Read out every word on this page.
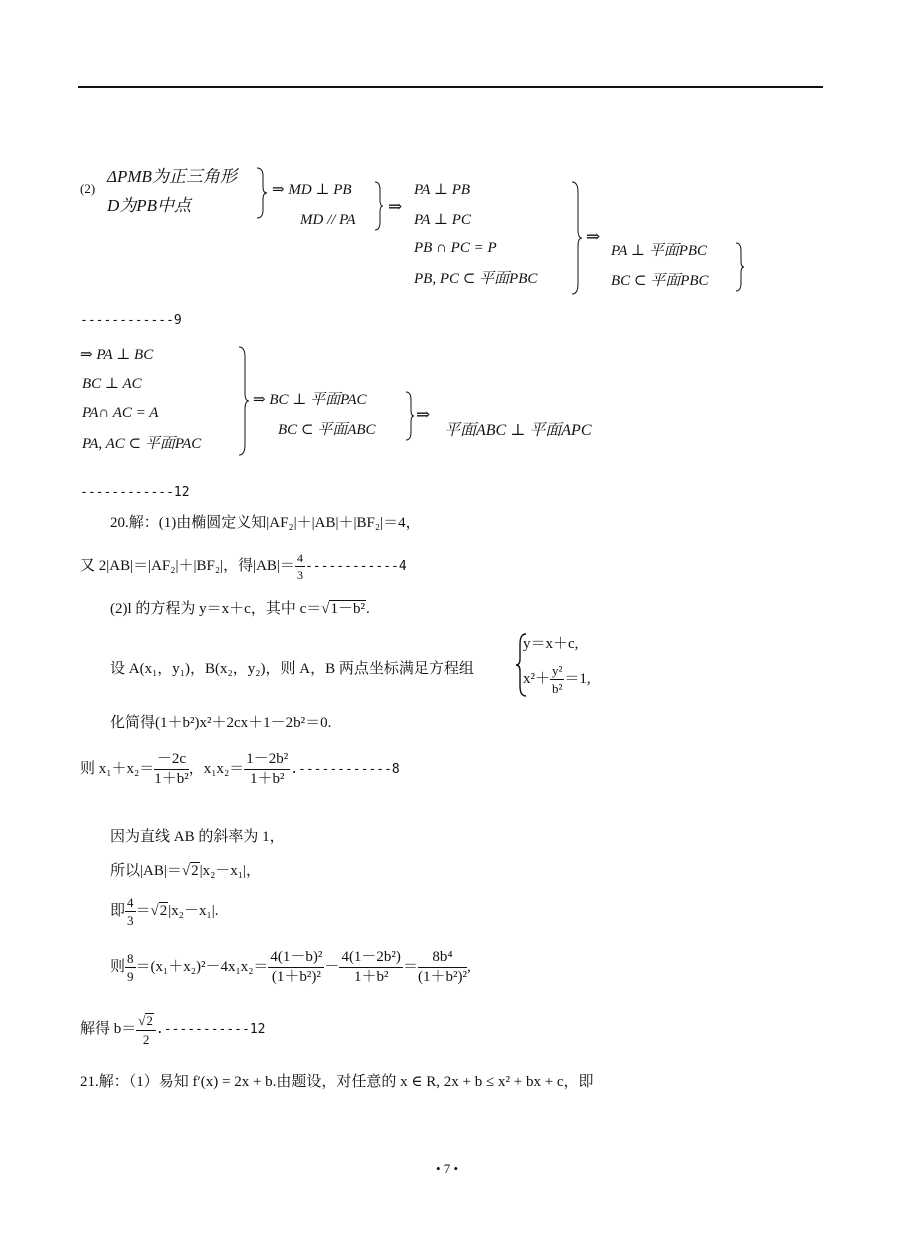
(2)
ΔPMB为正三角形
D为PB中点
⇒ MD ⊥ PB
MD // PA
⇒
PA ⊥ PB
PA ⊥ PC
PB ∩ PC = P
PB, PC ⊂ 平面PBC
⇒
PA ⊥ 平面PBC
BC ⊂ 平面PBC
------------9
⇒ PA ⊥ BC
BC ⊥ AC
PA∩ AC = A
PA, AC ⊂ 平面PAC
⇒ BC ⊥ 平面PAC
BC ⊂ 平面ABC
⇒
平面ABC ⊥ 平面APC
------------12
20.解：(1)由椭圆定义知|AF₂|＋|AB|＋|BF₂|＝4，
又 2|AB|＝|AF₂|＋|BF₂|，得$|AB|= \frac{4}{3} ------------4$
(2)l 的方程为 y＝x＋c，其中 c＝√1－b².
设 A(x₁，y₁)，B(x₂，y₂)，则 A，B 两点坐标满足方程组
y＝x＋c,
$x^2+ \frac{\text{y²}}{\text{b²}} =1$,
化简得(1＋b²)x²＋2cx＋1－2b²＝0.
则 $x_1+x_2= \frac{-2c}{\text{1＋b²}}$ ，$x_1x_2= \frac{\text{1－2b²}}{\text{1＋b²}} .------------8$
因为直线 AB 的斜率为 1，
所以|AB|＝√2|x₂－x₁|，
即 $\frac{4}{3} =√2|x_2-x_1|$.
则 $\frac{8}{9} =(x_1+x_2)^2-4x_1x_2= \frac{\text{4(1－b)²}}{\text{(1＋b²)²}} - \frac{\text{4(1－2b²)}}{\text{1＋b²}} = \frac{\text{8b⁴}}{\text{(1＋b²)²}}$ ,
解得 $b= \frac{√2}{2} .-----------12$
21.解：（1）易知 f′(x) = 2x + b.由题设，对任意的 x ∈ R, 2x + b ≤ x² + bx + c，即
• 7 •
